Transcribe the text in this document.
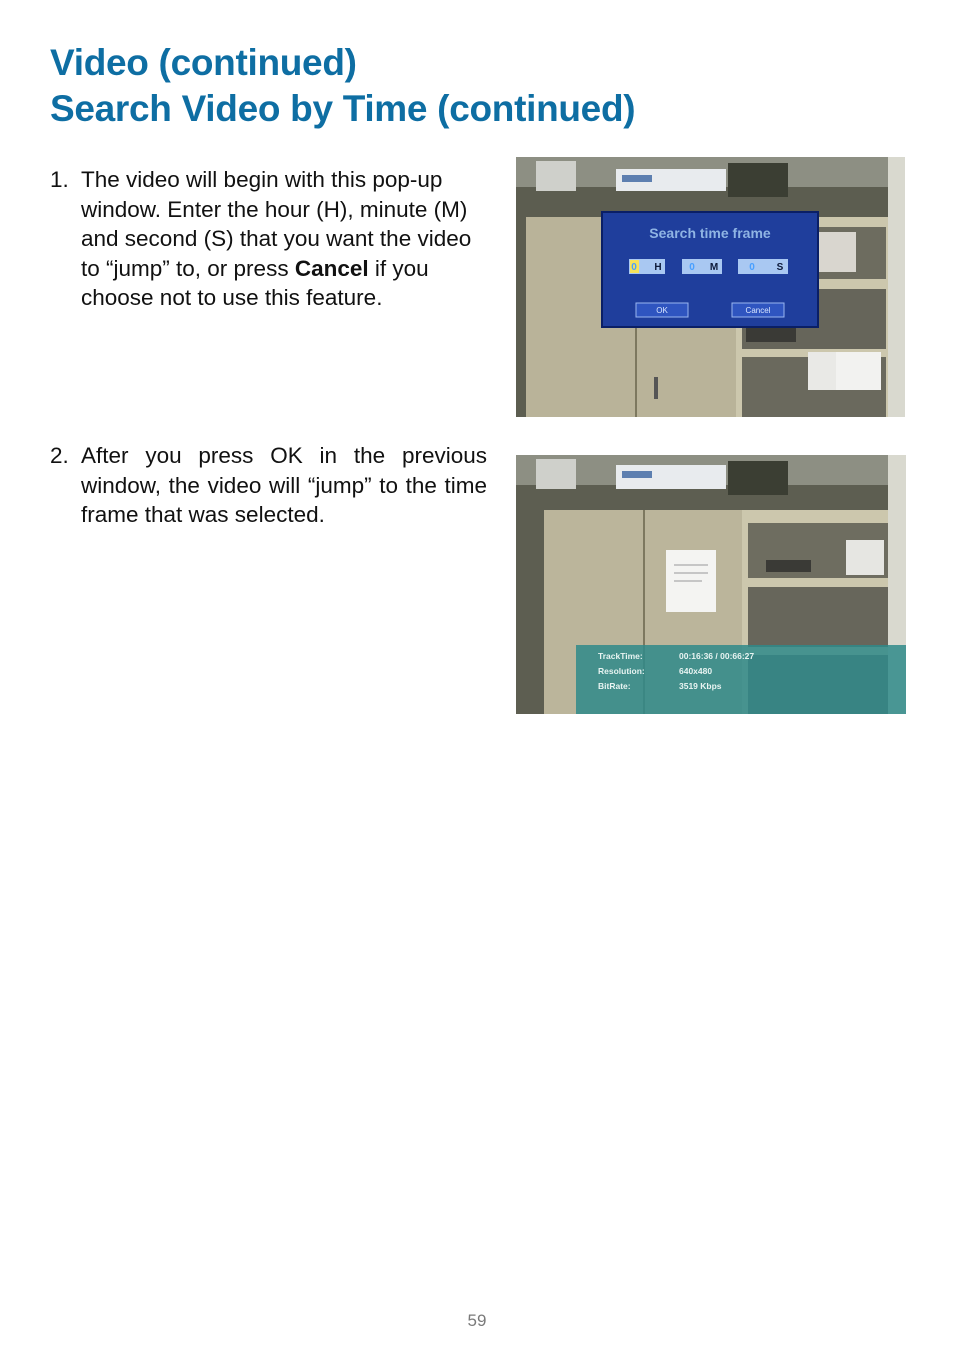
Video (continued)
Search Video by Time (continued)
1. The video will begin with this pop-up window. Enter the hour (H), minute (M) and second (S) that you want the video to “jump” to, or press Cancel if you choose not to use this feature.
2. After you press OK in the previous window, the video will “jump” to the time frame that was selected.
Search time frame
0 H	0 M	0 S
OK	Cancel
TrackTime:	00:16:36 / 00:66:27
Resolution:	640x480
BitRate:	3519 Kbps
59
